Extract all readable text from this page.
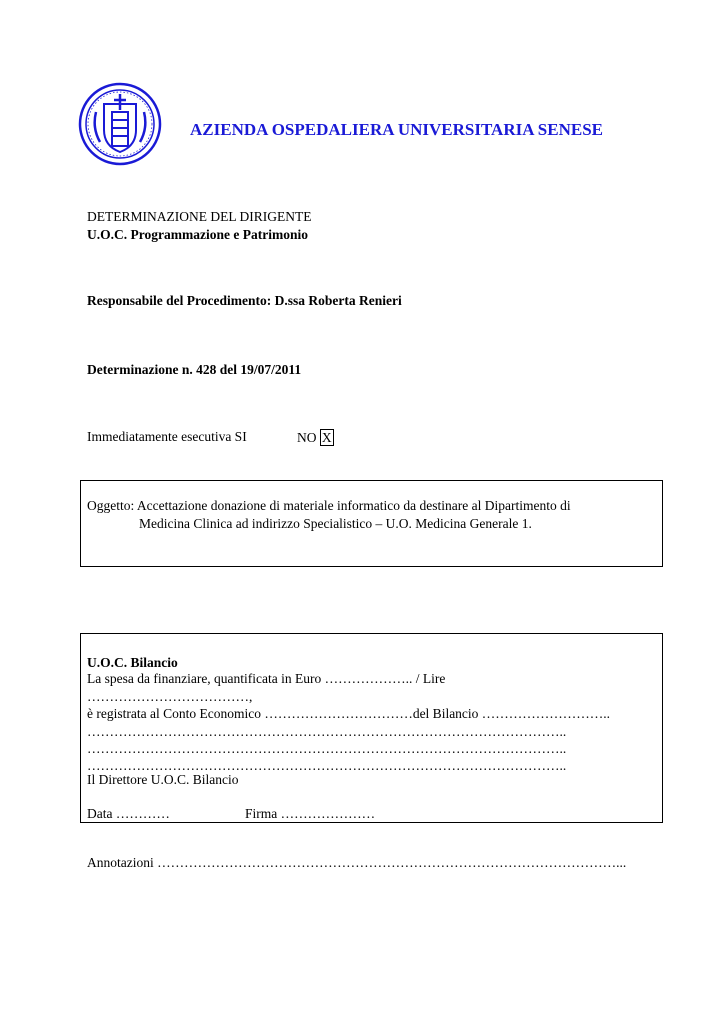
AZIENDA OSPEDALIERA UNIVERSITARIA SENESE
DETERMINAZIONE DEL DIRIGENTE
U.O.C. Programmazione e Patrimonio
Responsabile del Procedimento: D.ssa Roberta Renieri
Determinazione n. 428 del 19/07/2011
Immediatamente esecutiva SI	NO X
Oggetto: Accettazione donazione di materiale informatico da destinare al Dipartimento di
Medicina Clinica ad indirizzo Specialistico – U.O. Medicina Generale 1.
U.O.C. Bilancio
La spesa da finanziare, quantificata in Euro ……………….. / Lire
………………………………,
è registrata al Conto Economico ……………………………del Bilancio ………………………..
……………………………………………………………………………………………..
……………………………………………………………………………………………..
……………………………………………………………………………………………..
Il Direttore U.O.C. Bilancio
Data …………	Firma …………………
Annotazioni …………………………………………………………………………………………...
